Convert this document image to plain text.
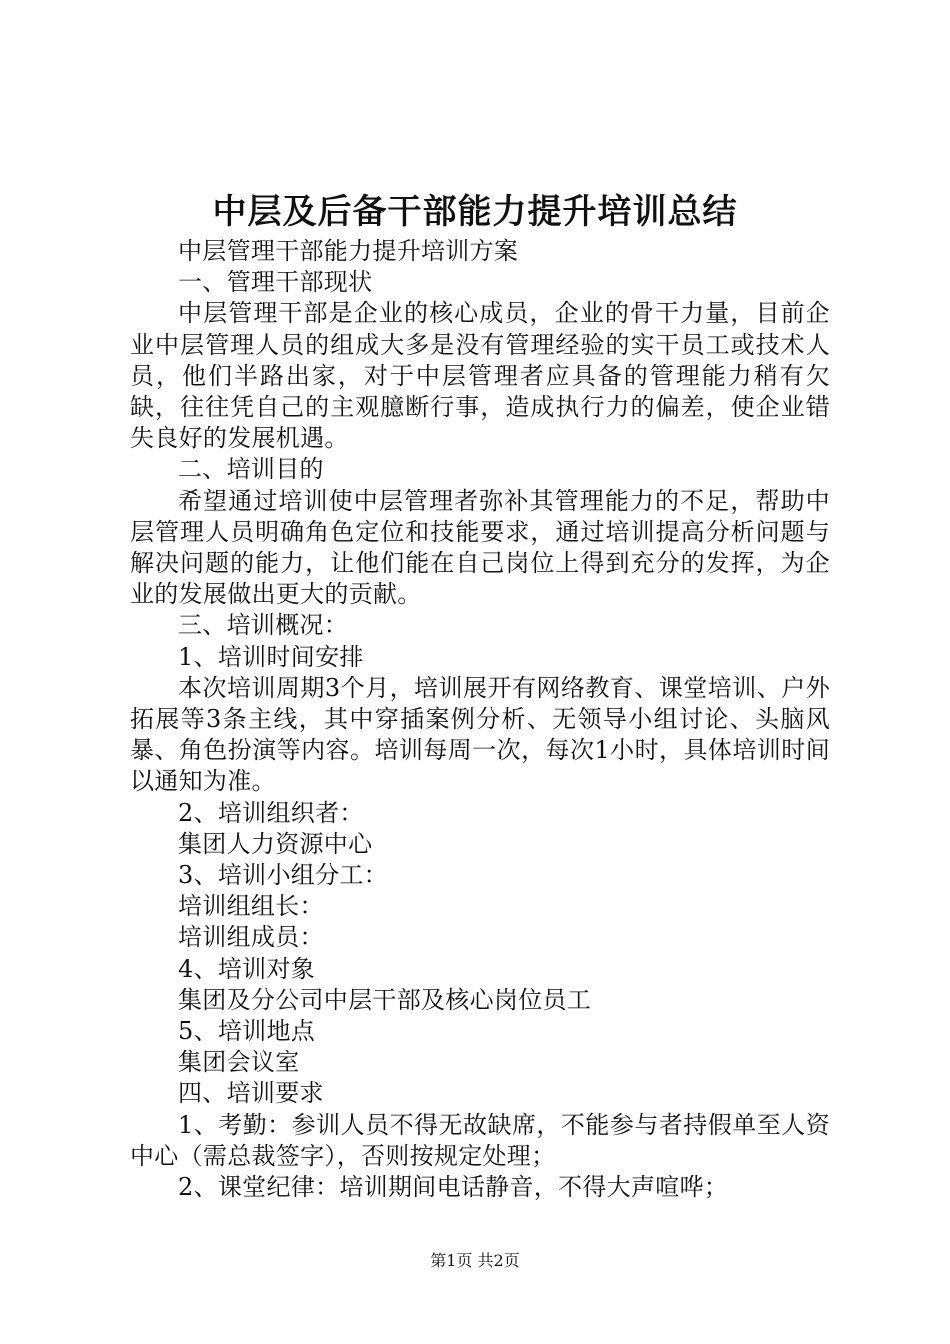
中层及后备干部能力提升培训总结

中层管理干部能力提升培训方案

一、管理干部现状

中层管理干部是企业的核心成员，企业的骨干力量，目前企业中层管理人员的组成大多是没有管理经验的实干员工或技术人员，他们半路出家，对于中层管理者应具备的管理能力稍有欠缺，往往凭自己的主观臆断行事，造成执行力的偏差，使企业错失良好的发展机遇。

二、培训目的

希望通过培训使中层管理者弥补其管理能力的不足，帮助中层管理人员明确角色定位和技能要求，通过培训提高分析问题与解决问题的能力，让他们能在自己岗位上得到充分的发挥，为企业的发展做出更大的贡献。

三、培训概况：

1、培训时间安排

本次培训周期3个月，培训展开有网络教育、课堂培训、户外拓展等3条主线，其中穿插案例分析、无领导小组讨论、头脑风暴、角色扮演等内容。培训每周一次，每次1小时，具体培训时间以通知为准。

2、培训组织者：

集团人力资源中心

3、培训小组分工：

培训组组长：

培训组成员：

4、培训对象

集团及分公司中层干部及核心岗位员工

5、培训地点

集团会议室

四、培训要求

1、考勤：参训人员不得无故缺席，不能参与者持假单至人资中心（需总裁签字），否则按规定处理；

2、课堂纪律：培训期间电话静音，不得大声喧哗；

第1页 共2页
